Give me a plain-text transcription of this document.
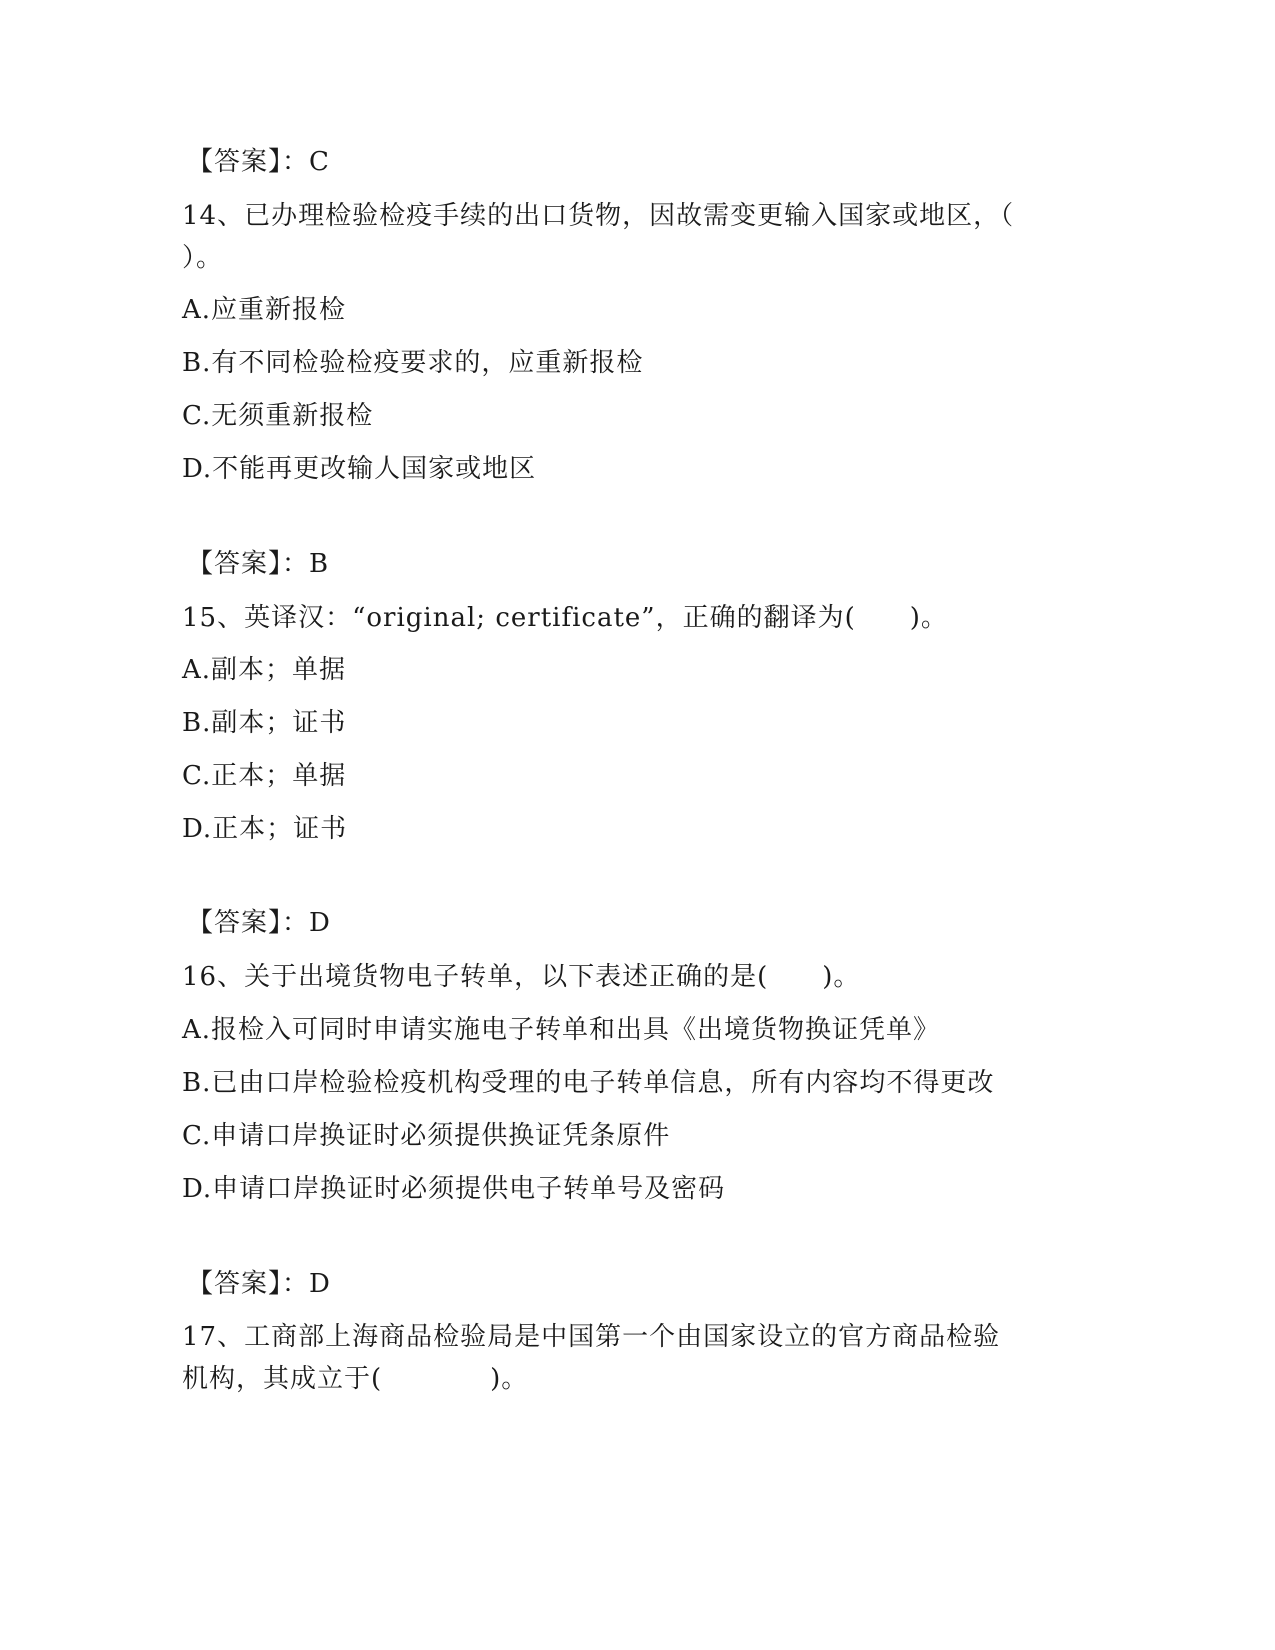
【答案】：C
14、已办理检验检疫手续的出口货物，因故需变更输入国家或地区，（
）。
A.应重新报检
B.有不同检验检疫要求的，应重新报检
C.无须重新报检
D.不能再更改输人国家或地区
【答案】：B
15、英译汉：“original; certificate”，正确的翻译为(　　)。
A.副本；单据
B.副本；证书
C.正本；单据
D.正本；证书
【答案】：D
16、关于出境货物电子转单，以下表述正确的是(　　)。
A.报检入可同时申请实施电子转单和出具《出境货物换证凭单》
B.已由口岸检验检疫机构受理的电子转单信息，所有内容均不得更改
C.申请口岸换证时必须提供换证凭条原件
D.申请口岸换证时必须提供电子转单号及密码
【答案】：D
17、工商部上海商品检验局是中国第一个由国家设立的官方商品检验
机构，其成立于(　　　　)。
